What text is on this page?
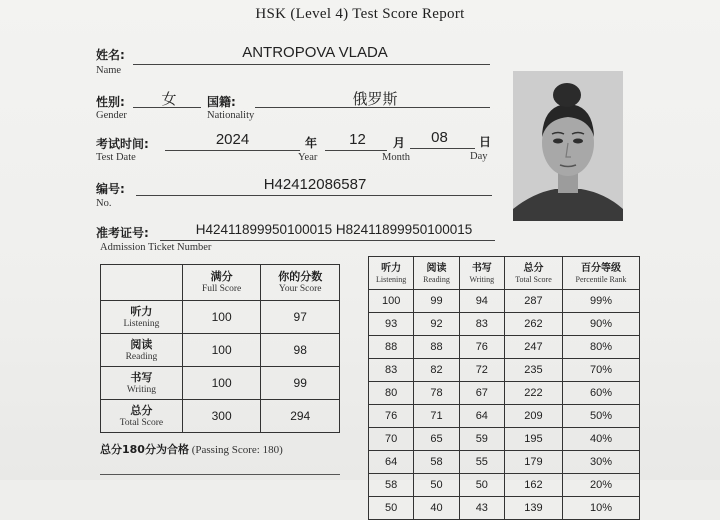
HSK (Level 4) Test Score Report
姓名:
Name
ANTROPOVA VLADA
性别:
Gender
女	国籍:
Nationality
俄罗斯
考试时间:
Test Date
2024	年
Year
12	月
Month
08	日
Day
编号:
No.
H42412086587
准考证号:
Admission Ticket Number
H42411899950100015 H82411899950100015

	满分
Full Score	你的分数
Your Score

听力
Listening	100	97

阅读
Reading	100	98

书写
Writing	100	99

总分
Total Score	300	294
总分180分为合格 (Passing Score: 180)
听力
Listening	阅读
Reading	书写
Writing	总分
Total Score	百分等级
Percentile Rank

100	99	94	287	99%
93	92	83	262	90%
88	88	76	247	80%
83	82	72	235	70%
80	78	67	222	60%
76	71	64	209	50%
70	65	59	195	40%
64	58	55	179	30%
58	50	50	162	20%
50	40	43	139	10%
